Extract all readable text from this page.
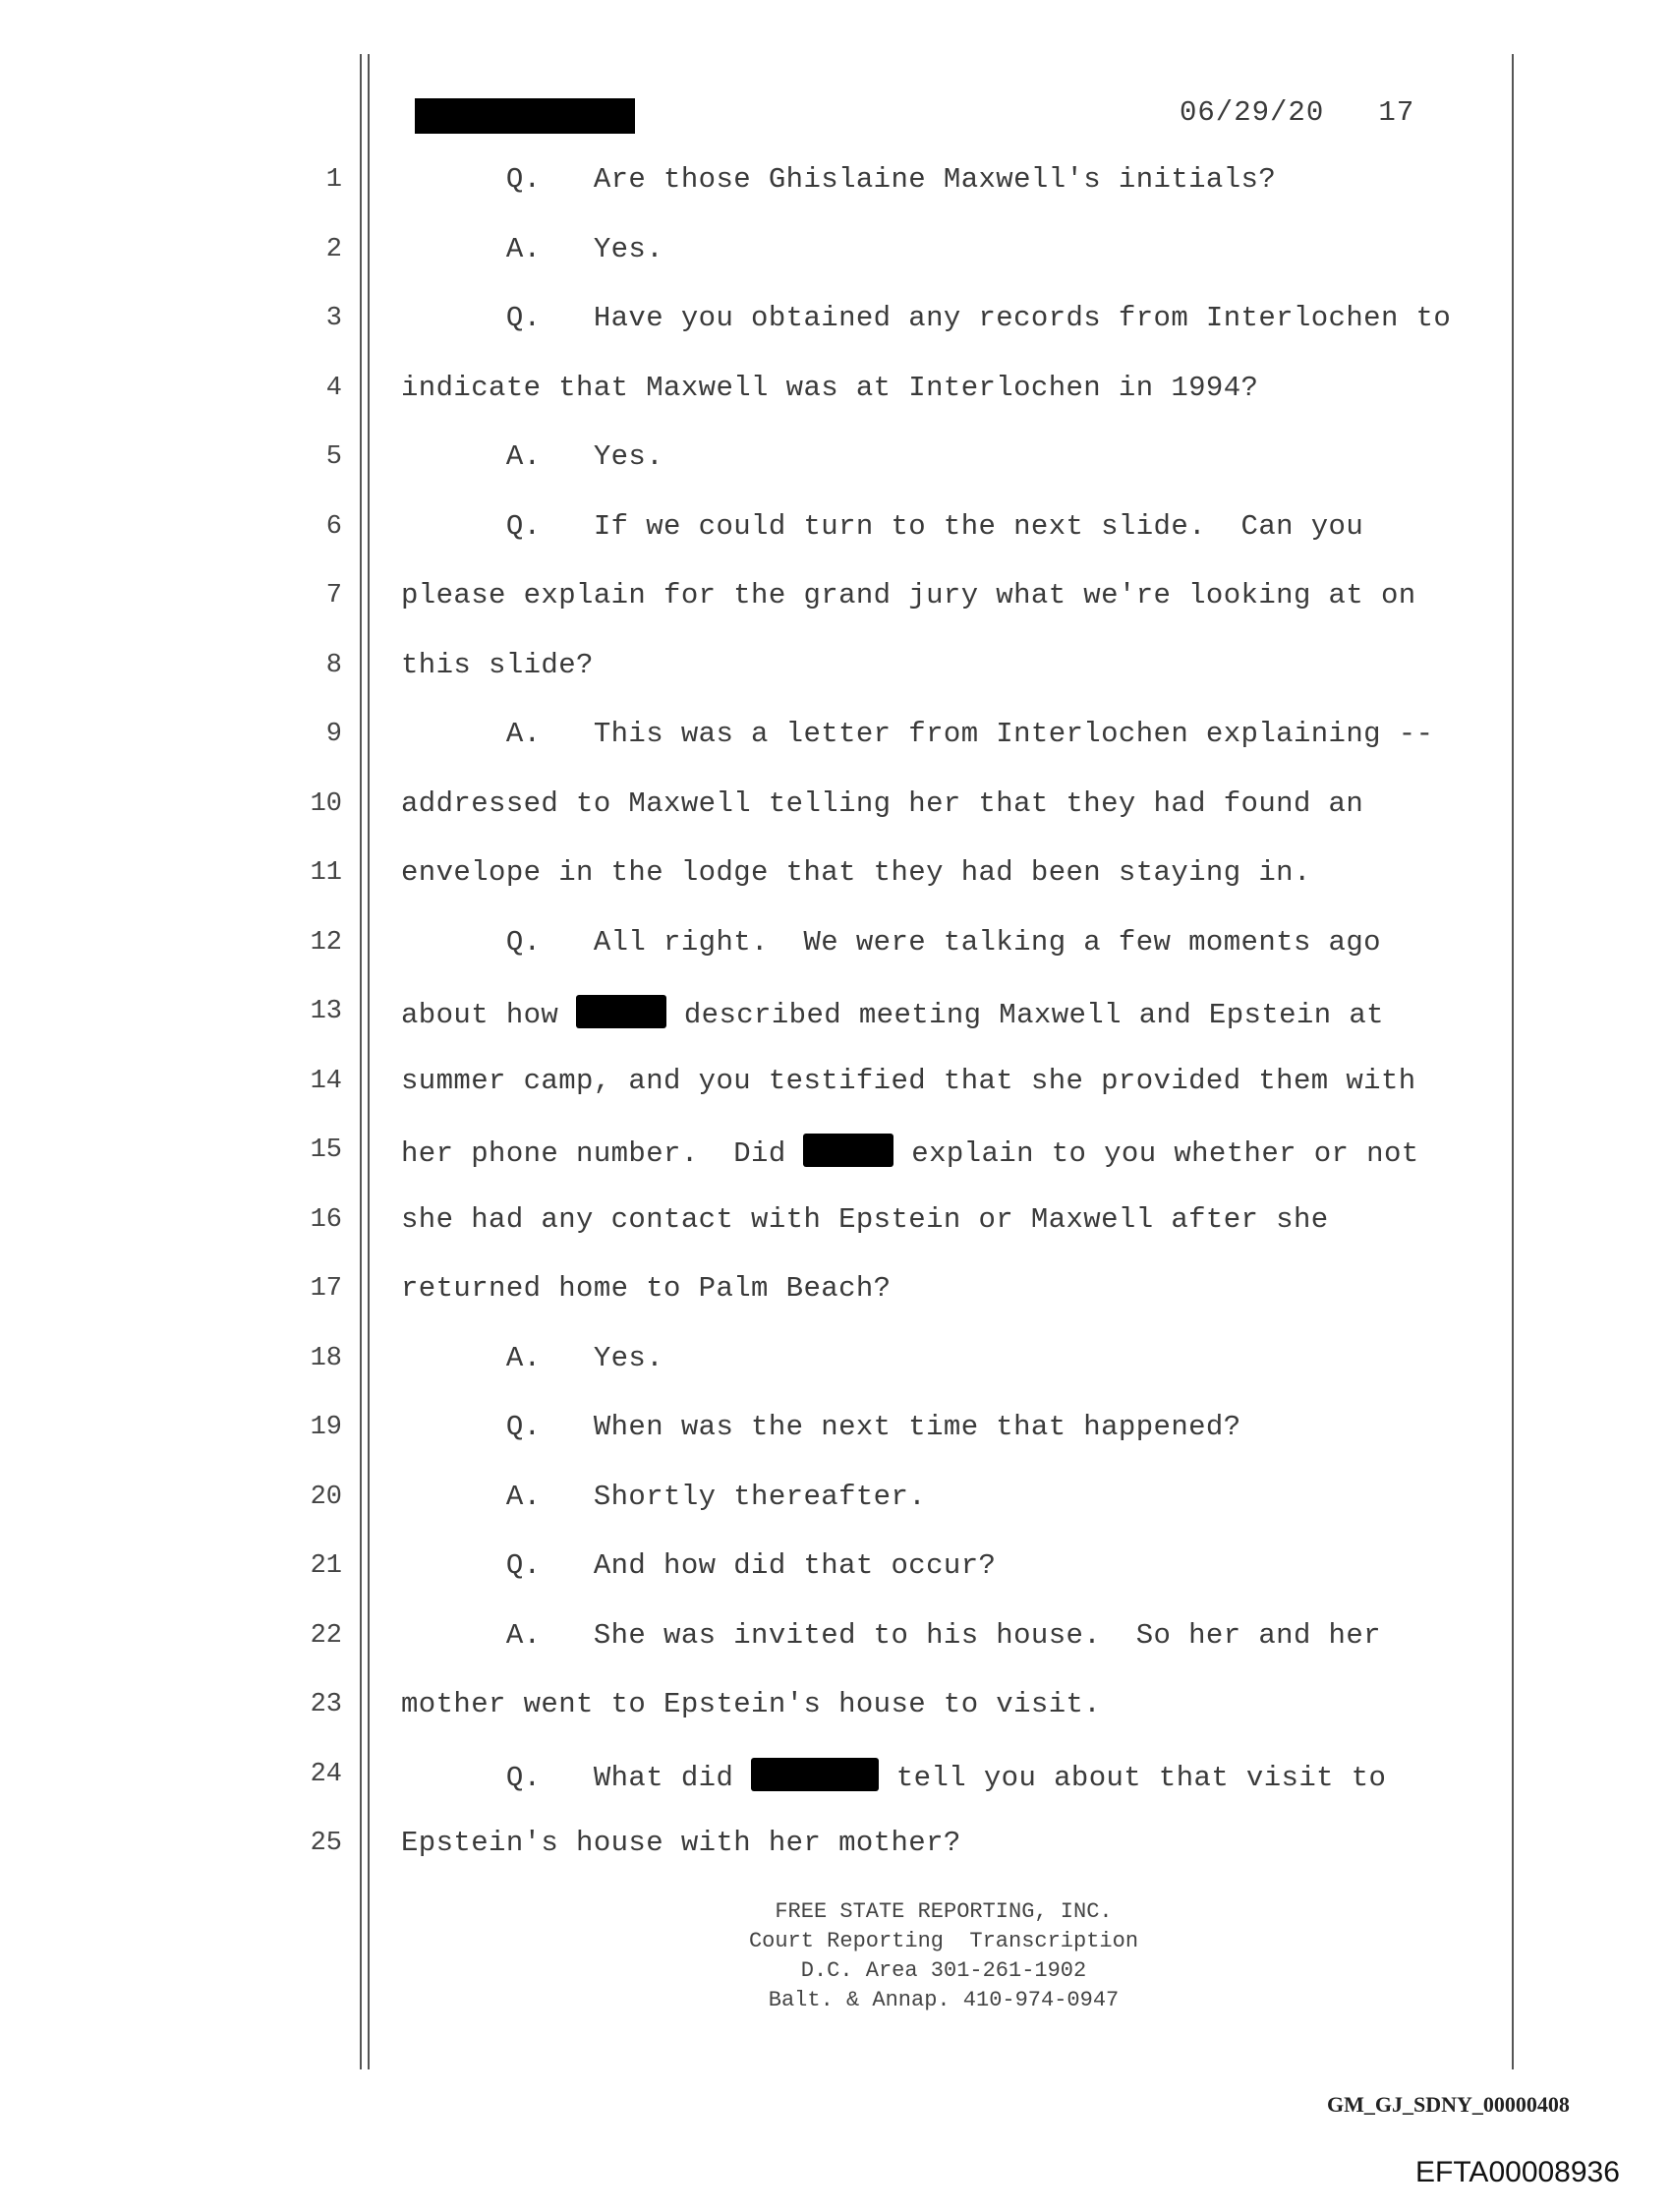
06/29/20   17
1 Q.   Are those Ghislaine Maxwell's initials?
2 A.   Yes.
3 Q.   Have you obtained any records from Interlochen to
4 indicate that Maxwell was at Interlochen in 1994?
5 A.   Yes.
6 Q.   If we could turn to the next slide.  Can you
7 please explain for the grand jury what we're looking at on
8 this slide?
9 A.   This was a letter from Interlochen explaining --
10 addressed to Maxwell telling her that they had found an
11 envelope in the lodge that they had been staying in.
12 Q.   All right.  We were talking a few moments ago
13 about how	described meeting Maxwell and Epstein at
14 summer camp, and you testified that she provided them with
15 her phone number.  Did	explain to you whether or not
16 she had any contact with Epstein or Maxwell after she
17 returned home to Palm Beach?
18 A.   Yes.
19 Q.   When was the next time that happened?
20 A.   Shortly thereafter.
21 Q.   And how did that occur?
22 A.   She was invited to his house.  So her and her
23 mother went to Epstein's house to visit.
24 Q.   What did	tell you about that visit to
25 Epstein's house with her mother?
FREE STATE REPORTING, INC.
Court Reporting  Transcription
D.C. Area 301-261-1902
Balt. & Annap. 410-974-0947
GM_GJ_SDNY_00000408
EFTA00008936
